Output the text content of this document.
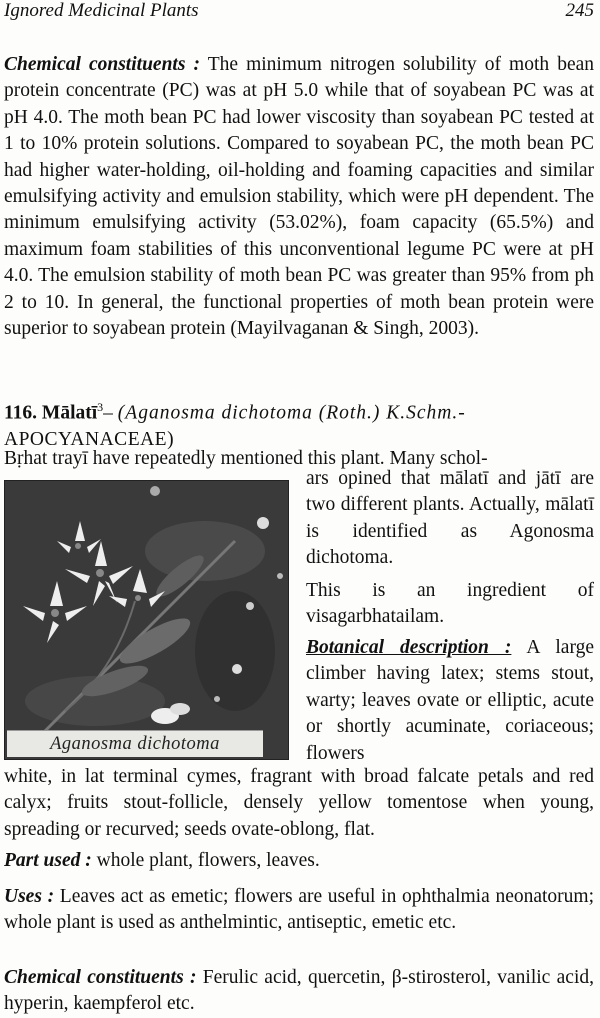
Ignored Medicinal Plants	245

Chemical constituents : The minimum nitrogen solubility of moth bean protein concentrate (PC) was at pH 5.0 while that of soyabean PC was at pH 4.0. The moth bean PC had lower viscosity than soyabean PC tested at 1 to 10% protein solutions. Compared to soyabean PC, the moth bean PC had higher water-holding, oil-holding and foaming capacities and similar emulsifying activity and emulsion stability, which were pH dependent. The minimum emulsifying activity (53.02%), foam capacity (65.5%) and maximum foam stabilities of this unconventional legume PC were at pH 4.0. The emulsion stability of moth bean PC was greater than 95% from ph 2 to 10. In general, the functional properties of moth bean protein were superior to soyabean protein (Mayilvaganan & Singh, 2003).

116. Mālatī$^3$– (Aganosma dichotoma (Roth.) K.Schm.-
APOCYANACEAE)
Bṛhat trayī have repeatedly mentioned this plant. Many schol-
Aganosma dichotoma
ars opined that mālatī and jātī are two different plants. Actually, mālatī is identified as Agonosma dichotoma.
This is an ingredient of visagarbhatailam.
Botanical description : A large climber having latex; stems stout, warty; leaves ovate or elliptic, acute or shortly acuminate, coriaceous; flowers

white, in lat terminal cymes, fragrant with broad falcate petals and red calyx; fruits stout-follicle, densely yellow tomentose when young, spreading or recurved; seeds ovate-oblong, flat.

Part used : whole plant, flowers, leaves.

Uses : Leaves act as emetic; flowers are useful in ophthalmia neonatorum; whole plant is used as anthelmintic, antiseptic, emetic etc.

Chemical constituents : Ferulic acid, quercetin, β-stirosterol, vanilic acid, hyperin, kaempferol etc.
